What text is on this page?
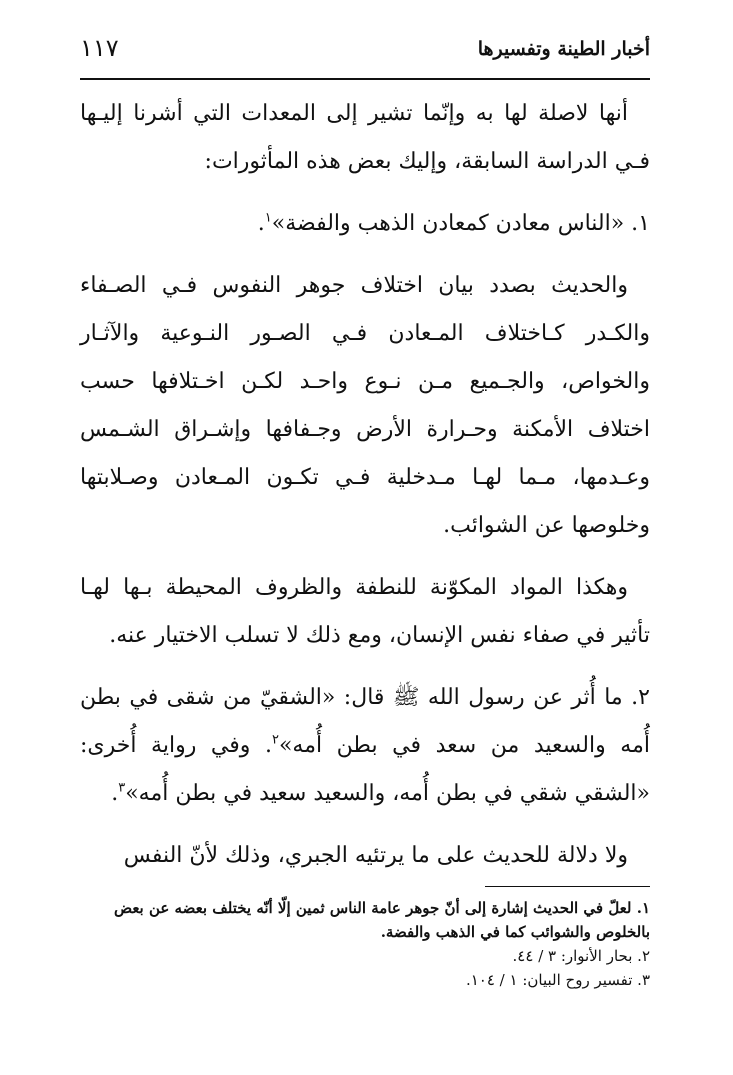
أخبار الطينة وتفسيرها
١١٧

أنها لاصلة لها به وإنّما تشير إلى المعدات التي أشرنا إليـها فـي الدراسة السابقة، وإليك بعض هذه المأثورات:

١. «الناس معادن كمعادن الذهب والفضة»$^١$.

والحديث بصدد بيان اختلاف جوهر النفوس فـي الصـفاء والكـدر كـاختلاف المـعادن فـي الصـور النـوعية والآثـار والخواص، والجـميع مـن نـوع واحـد لكـن اخـتلافها حسب اختلاف الأمكنة وحـرارة الأرض وجـفافها وإشـراق الشـمس وعـدمها، مـما لهـا مـدخلية فـي تكـون المـعادن وصـلابتها وخلوصها عن الشوائب.

وهكذا المواد المكوّنة للنطفة والظروف المحيطة بـها لهـا تأثير في صفاء نفس الإنسان، ومع ذلك لا تسلب الاختيار عنه.

٢. ما أُثر عن رسول الله ﷺ قال: «الشقيّ من شقى في بطن أُمه والسعيد من سعد في بطن أُمه»$^٢$. وفي رواية أُخرى: «الشقي شقي في بطن أُمه، والسعيد سعيد في بطن أُمه»$^٣$.

ولا دلالة للحديث على ما يرتئيه الجبري، وذلك لأنّ النفس

١. لعلّ في الحديث إشارة إلى أنّ جوهر عامة الناس ثمين إلّا أنّه يختلف بعضه عن بعض بالخلوص والشوائب كما في الذهب والفضة.
٢. بحار الأنوار: ٣ / ٤٤.
٣. تفسير روح البيان: ١ / ١٠٤.
